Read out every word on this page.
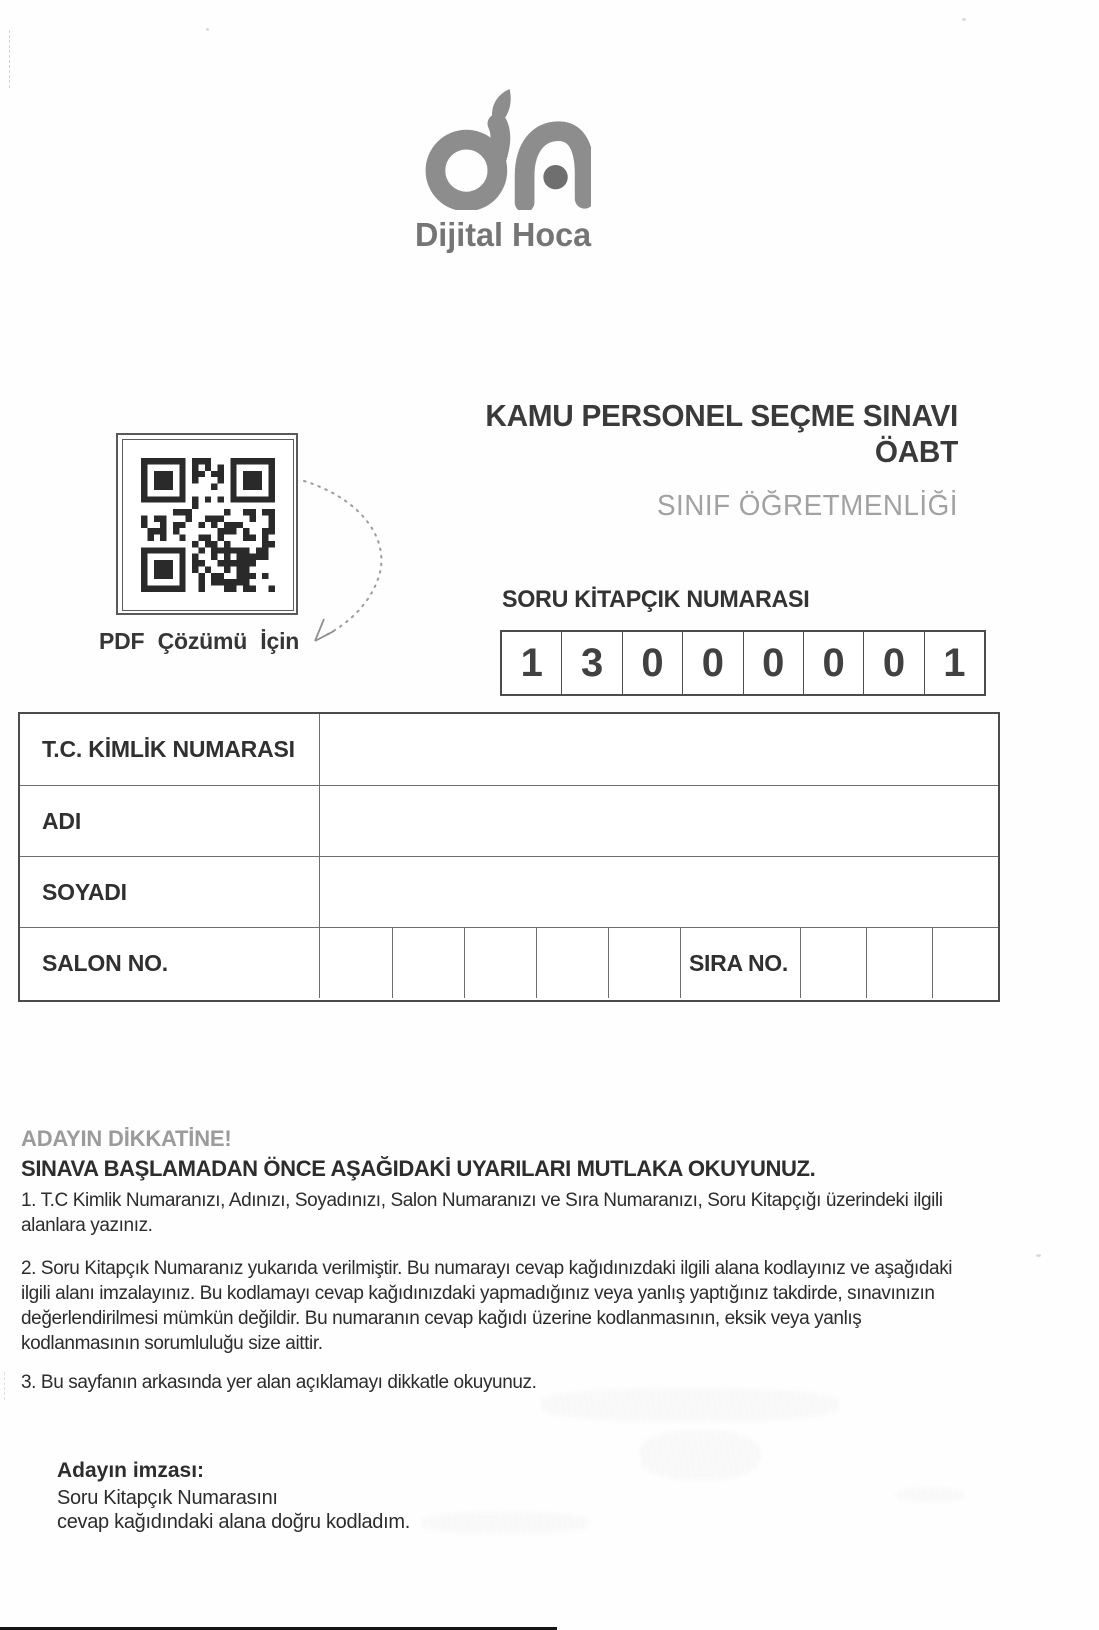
Dijital Hoca
PDF Çözümü İçin
KAMU PERSONEL SEÇME SINAVI
ÖABT
SINIF ÖĞRETMENLİĞİ
SORU KİTAPÇIK NUMARASI
1 3 0 0 0 0 0 1
T.C. KİMLİK NUMARASI
ADI
SOYADI
SALON NO.	SIRA NO.
ADAYIN DİKKATİNE!
SINAVA BAŞLAMADAN ÖNCE AŞAĞIDAKİ UYARILARI MUTLAKA OKUYUNUZ.

1. T.C Kimlik Numaranızı, Adınızı, Soyadınızı, Salon Numaranızı ve Sıra Numaranızı, Soru Kitapçığı üzerindeki ilgili alanlara yazınız.

2. Soru Kitapçık Numaranız yukarıda verilmiştir. Bu numarayı cevap kağıdınızdaki ilgili alana kodlayınız ve aşağıdaki ilgili alanı imzalayınız. Bu kodlamayı cevap kağıdınızdaki yapmadığınız veya yanlış yaptığınız takdirde, sınavınızın değerlendirilmesi mümkün değildir. Bu numaranın cevap kağıdı üzerine kodlanmasının, eksik veya yanlış kodlanmasının sorumluluğu size aittir.

3. Bu sayfanın arkasında yer alan açıklamayı dikkatle okuyunuz.

Adayın imzası:
Soru Kitapçık Numarasını
cevap kağıdındaki alana doğru kodladım.
